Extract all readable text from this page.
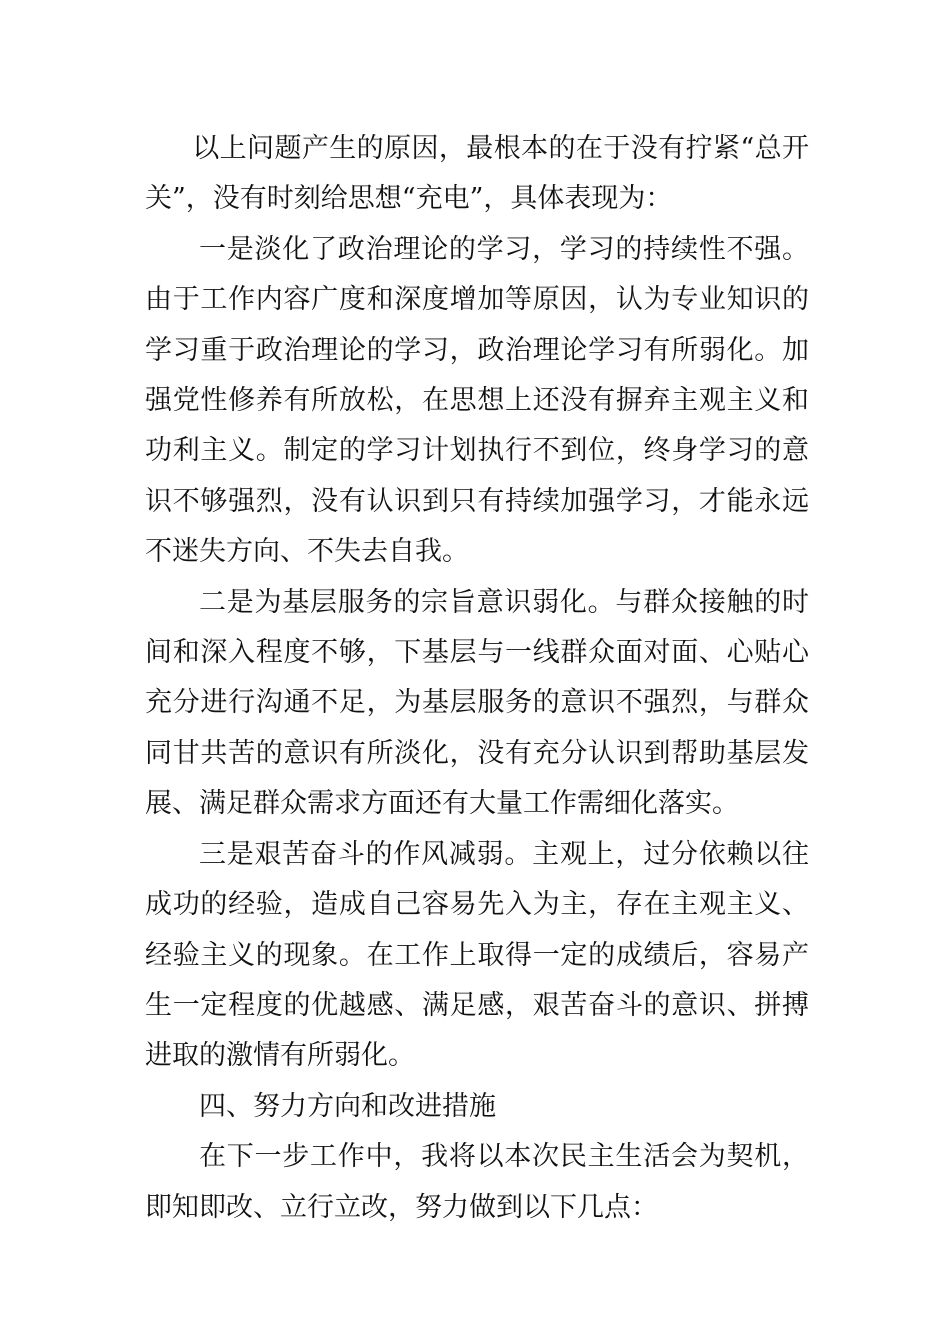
以上问题产生的原因，最根本的在于没有拧紧“总开关”，没有时刻给思想“充电”，具体表现为：

一是淡化了政治理论的学习，学习的持续性不强。由于工作内容广度和深度增加等原因，认为专业知识的学习重于政治理论的学习，政治理论学习有所弱化。加强党性修养有所放松，在思想上还没有摒弃主观主义和功利主义。制定的学习计划执行不到位，终身学习的意识不够强烈，没有认识到只有持续加强学习，才能永远不迷失方向、不失去自我。

二是为基层服务的宗旨意识弱化。与群众接触的时间和深入程度不够，下基层与一线群众面对面、心贴心充分进行沟通不足，为基层服务的意识不强烈，与群众同甘共苦的意识有所淡化，没有充分认识到帮助基层发展、满足群众需求方面还有大量工作需细化落实。

三是艰苦奋斗的作风减弱。主观上，过分依赖以往成功的经验，造成自己容易先入为主，存在主观主义、经验主义的现象。在工作上取得一定的成绩后，容易产生一定程度的优越感、满足感，艰苦奋斗的意识、拼搏进取的激情有所弱化。

四、努力方向和改进措施

在下一步工作中，我将以本次民主生活会为契机，即知即改、立行立改，努力做到以下几点：
